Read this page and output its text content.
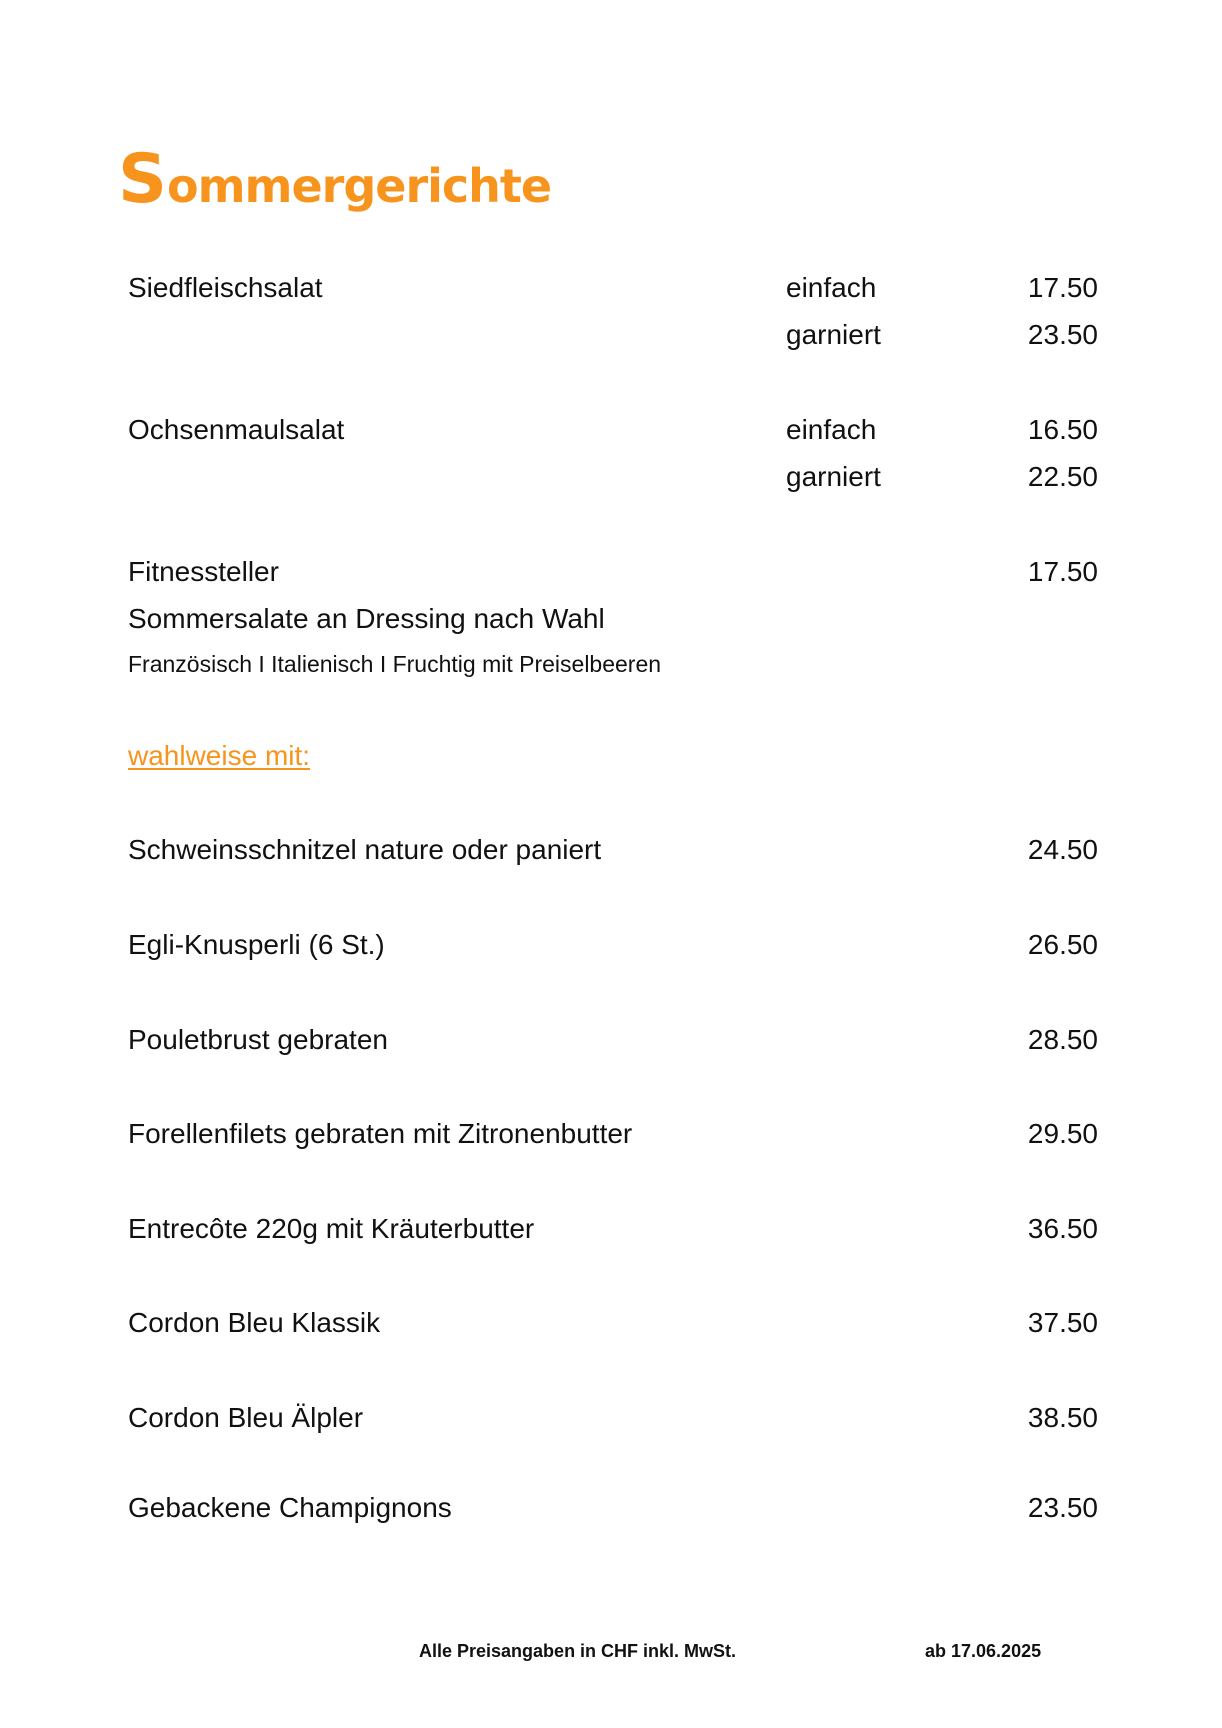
Sommergerichte
Siedfleischsalat	einfach	17.50
garniert	23.50
Ochsenmaulsalat	einfach	16.50
garniert	22.50
Fitnessteller	17.50
Sommersalate an Dressing nach Wahl
Französisch I Italienisch I Fruchtig mit Preiselbeeren
wahlweise mit:
Schweinsschnitzel nature oder paniert	24.50
Egli-Knusperli (6 St.)	26.50
Pouletbrust gebraten	28.50
Forellenfilets gebraten mit Zitronenbutter	29.50
Entrecôte 220g mit Kräuterbutter	36.50
Cordon Bleu Klassik	37.50
Cordon Bleu Älpler	38.50
Gebackene Champignons	23.50
Alle Preisangaben in CHF inkl. MwSt.	ab 17.06.2025
